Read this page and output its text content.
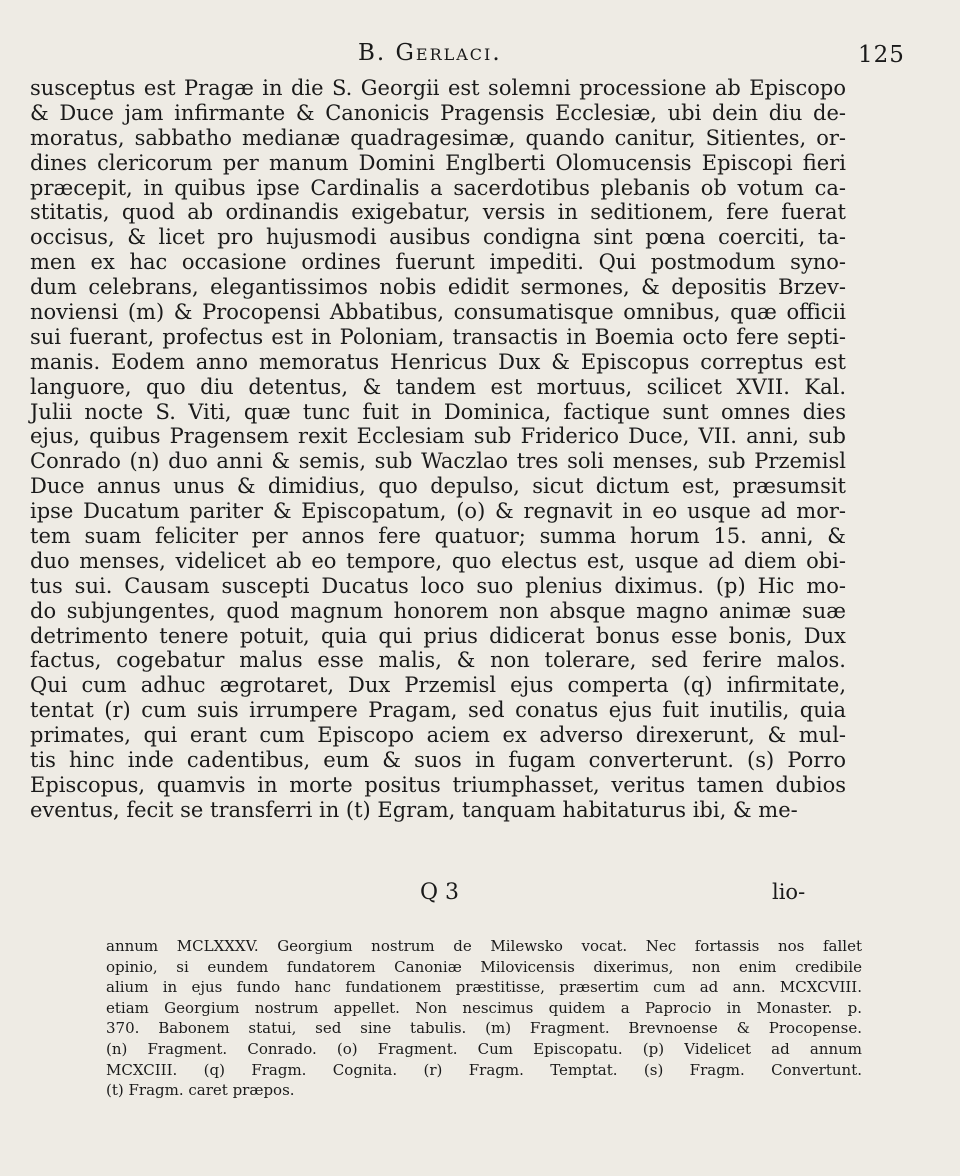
B. Gerlaci.	125
susceptus est Pragæ in die S. Georgii est solemni processione ab Episcopo
& Duce jam infirmante & Canonicis Pragensis Ecclesiæ, ubi dein diu de-
moratus, sabbatho medianæ quadragesimæ, quando canitur, Sitientes, or-
dines clericorum per manum Domini Englberti Olomucensis Episcopi fieri
præcepit, in quibus ipse Cardinalis a sacerdotibus plebanis ob votum ca-
stitatis, quod ab ordinandis exigebatur, versis in seditionem, fere fuerat
occisus, & licet pro hujusmodi ausibus condigna sint pœna coerciti, ta-
men ex hac occasione ordines fuerunt impediti. Qui postmodum syno-
dum celebrans, elegantissimos nobis edidit sermones, & depositis Brzev-
noviensi (m) & Procopensi Abbatibus, consumatisque omnibus, quæ officii
sui fuerant, profectus est in Poloniam, transactis in Boemia octo fere septi-
manis. Eodem anno memoratus Henricus Dux & Episcopus correptus est
languore, quo diu detentus, & tandem est mortuus, scilicet XVII. Kal.
Julii nocte S. Viti, quæ tunc fuit in Dominica, factique sunt omnes dies
ejus, quibus Pragensem rexit Ecclesiam sub Friderico Duce, VII. anni, sub
Conrado (n) duo anni & semis, sub Waczlao tres soli menses, sub Przemisl
Duce annus unus & dimidius, quo depulso, sicut dictum est, præsumsit
ipse Ducatum pariter & Episcopatum, (o) & regnavit in eo usque ad mor-
tem suam feliciter per annos fere quatuor; summa horum 15. anni, &
duo menses, videlicet ab eo tempore, quo electus est, usque ad diem obi-
tus sui. Causam suscepti Ducatus loco suo plenius diximus. (p) Hic mo-
do subjungentes, quod magnum honorem non absque magno animæ suæ
detrimento tenere potuit, quia qui prius didicerat bonus esse bonis, Dux
factus, cogebatur malus esse malis, & non tolerare, sed ferire malos.
Qui cum adhuc ægrotaret, Dux Przemisl ejus comperta (q) infirmitate,
tentat (r) cum suis irrumpere Pragam, sed conatus ejus fuit inutilis, quia
primates, qui erant cum Episcopo aciem ex adverso direxerunt, & mul-
tis hinc inde cadentibus, eum & suos in fugam converterunt. (s) Porro
Episcopus, quamvis in morte positus triumphasset, veritus tamen dubios
eventus, fecit se transferri in (t) Egram, tanquam habitaturus ibi, & me-
Q 3	lio-
annum MCLXXXV. Georgium nostrum de Milewsko vocat. Nec fortassis nos fallet
opinio, si eundem fundatorem Canoniæ Milovicensis dixerimus, non enim credibile
alium in ejus fundo hanc fundationem præstitisse, præsertim cum ad ann. MCXCVIII.
etiam Georgium nostrum appellet. Non nescimus quidem a Paprocio in Monaster. p.
370. Babonem statui, sed sine tabulis. (m) Fragment. Brevnoense & Procopense.
(n) Fragment. Conrado. (o) Fragment. Cum Episcopatu. (p) Videlicet ad annum
MCXCIII. (q) Fragm. Cognita. (r) Fragm. Temptat. (s) Fragm. Convertunt.
(t) Fragm. caret præpos.
